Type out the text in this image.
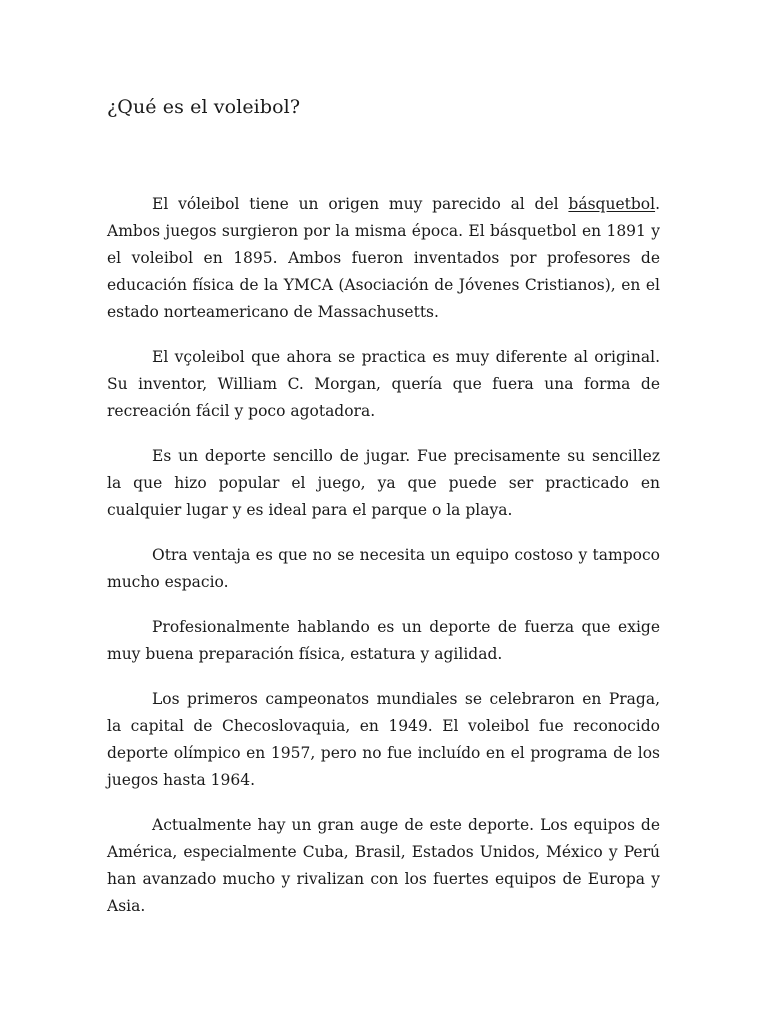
¿Qué es el voleibol?

El vóleibol tiene un origen muy parecido al del básquetbol. Ambos juegos surgieron por la misma época. El básquetbol en 1891 y el voleibol en 1895. Ambos fueron inventados por profesores de educación física de la YMCA (Asociación de Jóvenes Cristianos), en el estado norteamericano de Massachusetts.

El vçoleibol que ahora se practica es muy diferente al original. Su inventor, William C. Morgan, quería que fuera una forma de recreación fácil y poco agotadora.

Es un deporte sencillo de jugar. Fue precisamente su sencillez la que hizo popular el juego, ya que puede ser practicado en cualquier lugar y es ideal para el parque o la playa.

Otra ventaja es que no se necesita un equipo costoso y tampoco mucho espacio.

Profesionalmente hablando es un deporte de fuerza que exige muy buena preparación física, estatura y agilidad.

Los primeros campeonatos mundiales se celebraron en Praga, la capital de Checoslovaquia, en 1949. El voleibol fue reconocido deporte olímpico en 1957, pero no fue incluído en el programa de los juegos hasta 1964.

Actualmente hay un gran auge de este deporte. Los equipos de América, especialmente Cuba, Brasil, Estados Unidos, México y Perú han avanzado mucho y rivalizan con los fuertes equipos de Europa y Asia.
